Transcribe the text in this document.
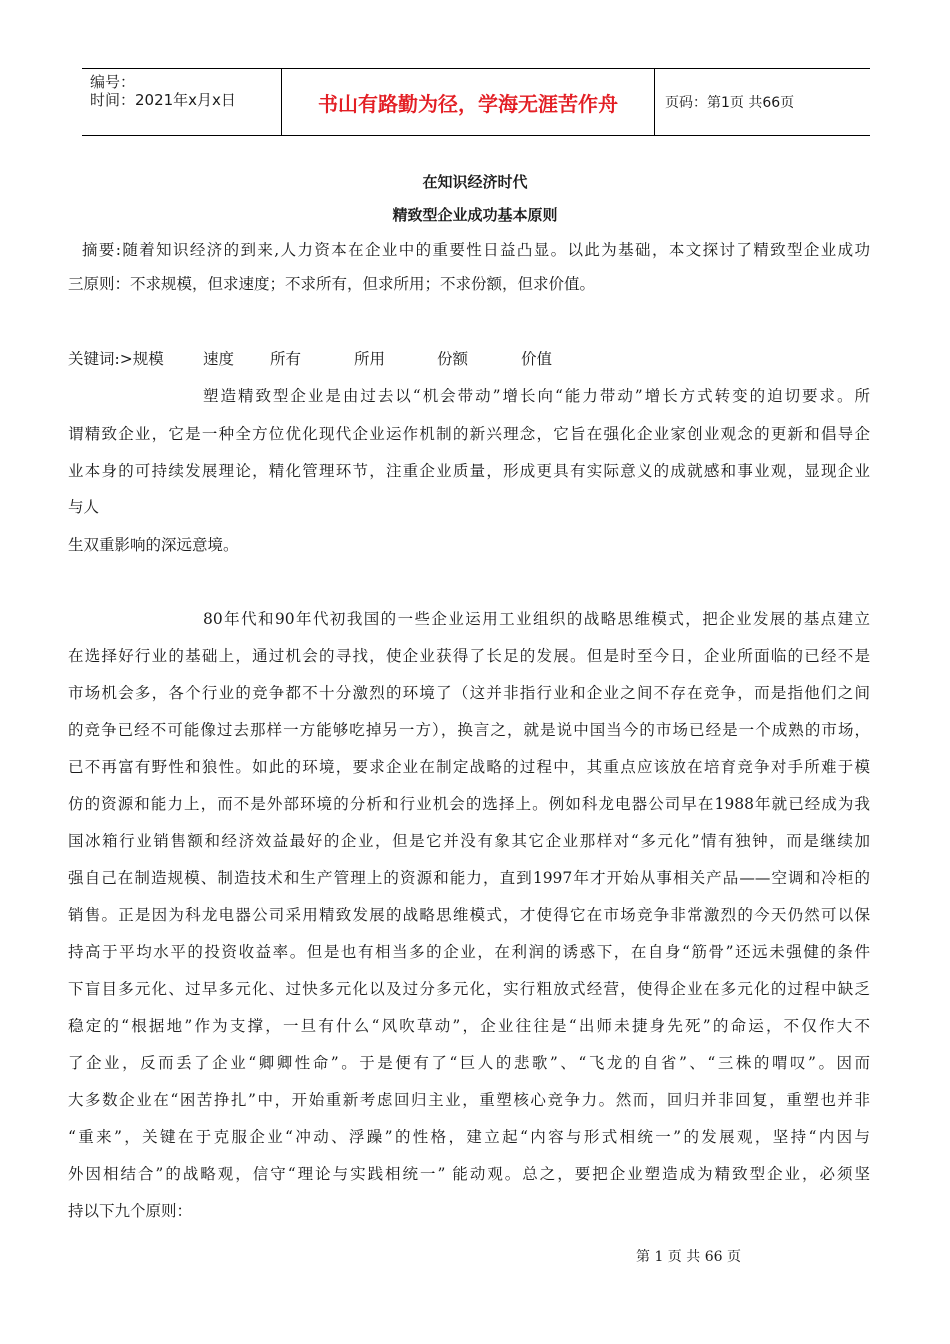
编号：
时间：2021年x月x日	书山有路勤为径，学海无涯苦作舟	页码：第1页 共66页
在知识经济时代
精致型企业成功基本原则
摘要:随着知识经济的到来,人力资本在企业中的重要性日益凸显。以此为基础，本文探讨了精致型企业成功
三原则：不求规模，但求速度；不求所有，但求所用；不求份额，但求价值。
关键词:>规模	速度 所有	所用	份额	价值
塑造精致型企业是由过去以“机会带动”增长向“能力带动”增长方式转变的迫切要求。所
谓精致企业，它是一种全方位优化现代企业运作机制的新兴理念，它旨在强化企业家创业观念的更新和倡导企
业本身的可持续发展理论，精化管理环节，注重企业质量，形成更具有实际意义的成就感和事业观，显现企业
与人
生双重影响的深远意境。
80年代和90年代初我国的一些企业运用工业组织的战略思维模式，把企业发展的基点建立
在选择好行业的基础上，通过机会的寻找，使企业获得了长足的发展。但是时至今日，企业所面临的已经不是
市场机会多，各个行业的竞争都不十分激烈的环境了（这并非指行业和企业之间不存在竞争，而是指他们之间
的竞争已经不可能像过去那样一方能够吃掉另一方），换言之，就是说中国当今的市场已经是一个成熟的市场，
已不再富有野性和狼性。如此的环境，要求企业在制定战略的过程中，其重点应该放在培育竞争对手所难于模
仿的资源和能力上，而不是外部环境的分析和行业机会的选择上。例如科龙电器公司早在1988年就已经成为我
国冰箱行业销售额和经济效益最好的企业，但是它并没有象其它企业那样对“多元化”情有独钟，而是继续加
强自己在制造规模、制造技术和生产管理上的资源和能力，直到1997年才开始从事相关产品——空调和冷柜的
销售。正是因为科龙电器公司采用精致发展的战略思维模式，才使得它在市场竞争非常激烈的今天仍然可以保
持高于平均水平的投资收益率。但是也有相当多的企业，在利润的诱惑下，在自身“筋骨”还远未强健的条件
下盲目多元化、过早多元化、过快多元化以及过分多元化，实行粗放式经营，使得企业在多元化的过程中缺乏
稳定的“根据地”作为支撑，一旦有什么“风吹草动”，企业往往是“出师未捷身先死”的命运，不仅作大不
了企业，反而丢了企业“卿卿性命”。于是便有了“巨人的悲歌”、“飞龙的自省”、“三株的喟叹”。因而
大多数企业在“困苦挣扎”中，开始重新考虑回归主业，重塑核心竞争力。然而，回归并非回复，重塑也并非
“重来”，关键在于克服企业“冲动、浮躁”的性格，建立起“内容与形式相统一”的发展观，坚持“内因与
外因相结合”的战略观，信守“理论与实践相统一” 能动观。总之，要把企业塑造成为精致型企业，必须坚
持以下九个原则：
第 1 页 共 66 页
